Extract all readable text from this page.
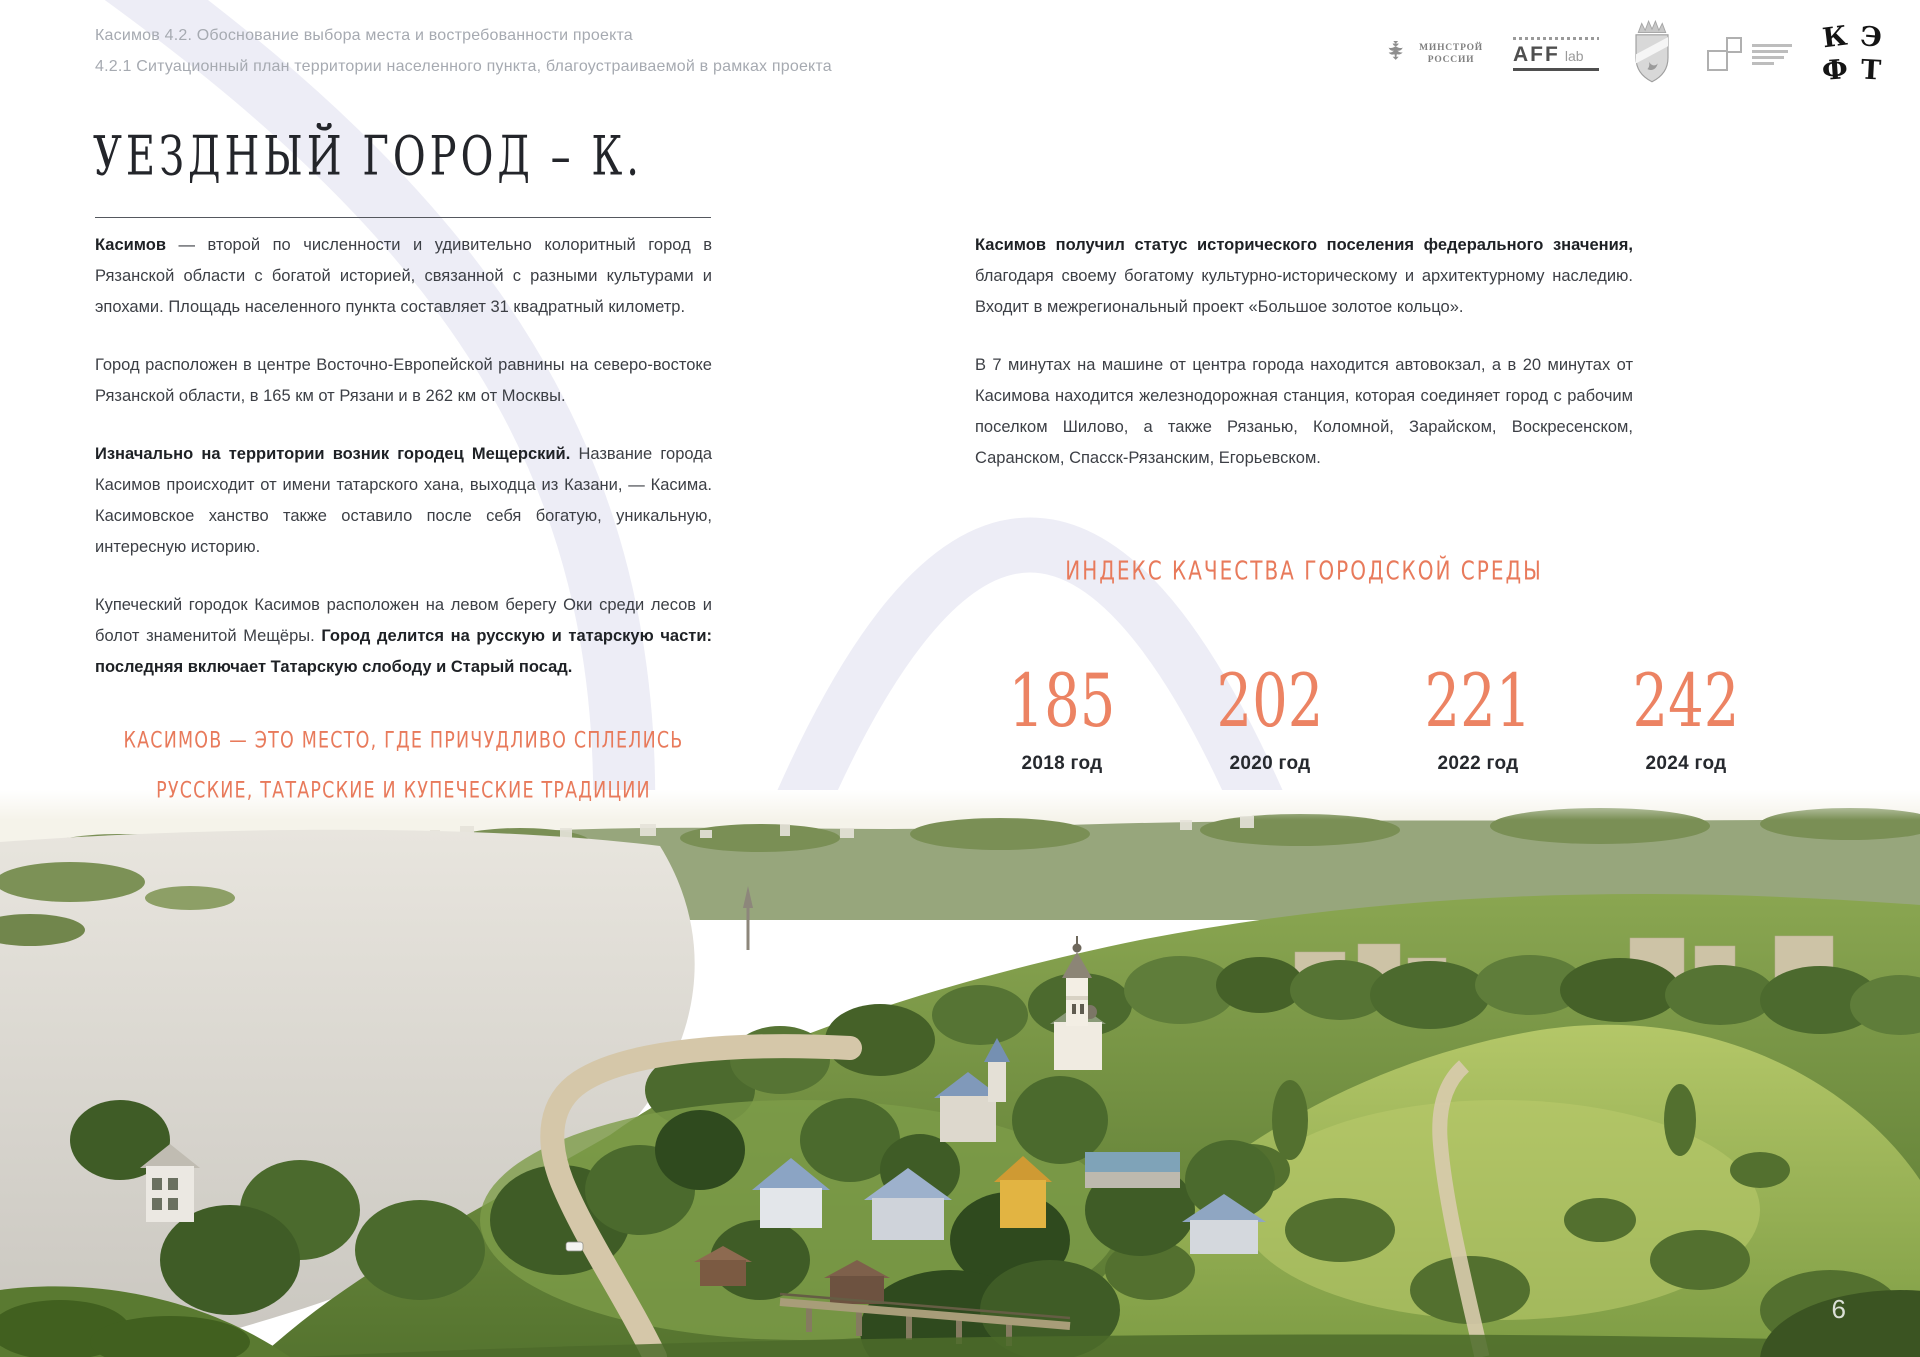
Касимов 4.2. Обоснование выбора места и востребованности проекта
4.2.1 Ситуационный план территории населенного пункта, благоустраиваемой в рамках проекта
МИНСТРОЙ
РОССИИ	AFF lab
К Э
Ф Т
УЕЗДНЫЙ ГОРОД – К.

Касимов — второй по численности и удивительно колоритный город в Рязанской области с богатой историей, связанной с разными культурами и эпохами. Площадь населенного пункта составляет 31 квадратный километр.

Город расположен в центре Восточно-Европейской равнины на северо-востоке Рязанской области, в 165 км от Рязани и в 262 км от Москвы.

Изначально на территории возник городец Мещерский. Название города Касимов происходит от имени татарского хана, выходца из Казани, — Касима. Касимовское ханство также оставило после себя богатую, уникальную, интересную историю.

Купеческий городок Касимов расположен на левом берегу Оки среди лесов и болот знаменитой Мещёры. Город делится на русскую и татарскую части: последняя включает Татарскую слободу и Старый посад.

КАСИМОВ — ЭТО МЕСТО, ГДЕ ПРИЧУДЛИВО СПЛЕЛИСЬ РУССКИЕ, ТАТАРСКИЕ И КУПЕЧЕСКИЕ ТРАДИЦИИ

Касимов получил статус исторического поселения федерального значения, благодаря своему богатому культурно-историческому и архитектурному наследию. Входит в межрегиональный проект «Большое золотое кольцо».

В 7 минутах на машине от центра города находится автовокзал, а в 20 минутах от Касимова находится железнодорожная станция, которая соединяет город с рабочим поселком Шилово, а также Рязанью, Коломной, Зарайском, Воскресенском, Саранском, Спасск-Рязанским, Егорьевском.

ИНДЕКС КАЧЕСТВА ГОРОДСКОЙ СРЕДЫ
185
2018 год
202
2020 год
221
2022 год
242
2024 год
6
